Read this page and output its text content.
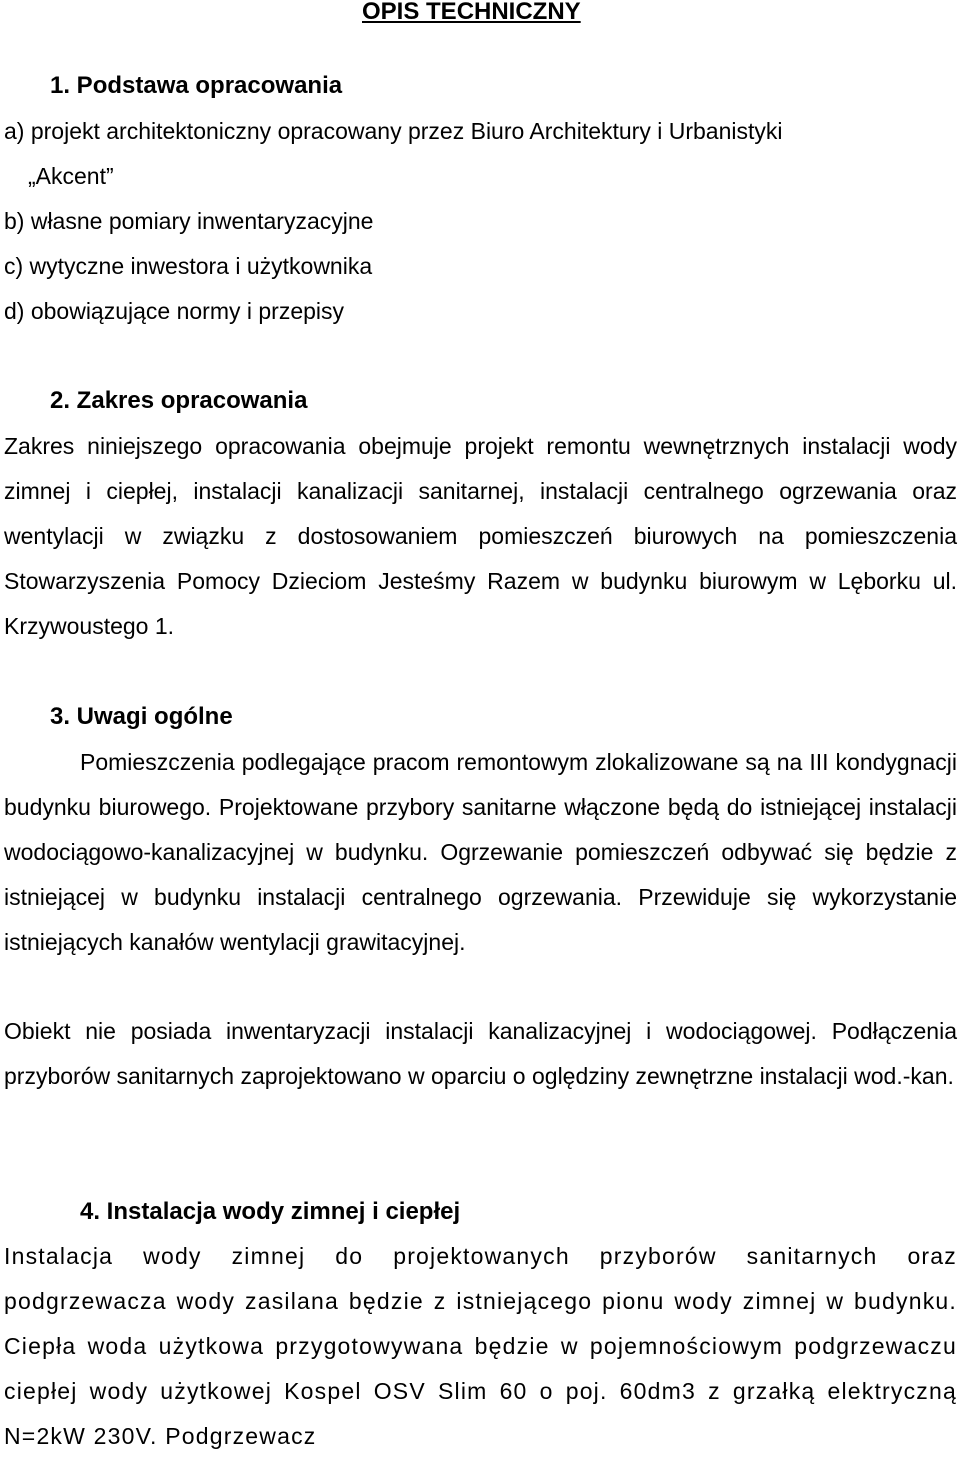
OPIS TECHNICZNY
1. Podstawa opracowania
a) projekt architektoniczny opracowany przez Biuro Architektury i Urbanistyki
„Akcent”
b) własne pomiary inwentaryzacyjne
c) wytyczne inwestora i użytkownika
d) obowiązujące normy i przepisy
2. Zakres opracowania

Zakres niniejszego opracowania obejmuje projekt remontu wewnętrznych instalacji wody zimnej i ciepłej, instalacji kanalizacji sanitarnej, instalacji centralnego ogrzewania oraz wentylacji w związku z dostosowaniem pomieszczeń biurowych na pomieszczenia Stowarzyszenia Pomocy Dzieciom Jesteśmy Razem w budynku biurowym w Lęborku ul. Krzywoustego 1.

3. Uwagi ogólne

Pomieszczenia podlegające pracom remontowym zlokalizowane są na III kondygnacji budynku biurowego. Projektowane przybory sanitarne włączone będą do istniejącej instalacji wodociągowo-kanalizacyjnej w budynku. Ogrzewanie pomieszczeń odbywać się będzie z istniejącej w budynku instalacji centralnego ogrzewania. Przewiduje się wykorzystanie istniejących kanałów wentylacji grawitacyjnej.

Obiekt nie posiada inwentaryzacji instalacji kanalizacyjnej i wodociągowej. Podłączenia przyborów sanitarnych zaprojektowano w oparciu o oględziny zewnętrzne instalacji wod.-kan.

4. Instalacja wody zimnej i ciepłej

Instalacja wody zimnej do projektowanych przyborów sanitarnych oraz podgrzewacza wody zasilana będzie z istniejącego pionu wody zimnej w budynku. Ciepła woda użytkowa przygotowywana będzie w pojemnościowym podgrzewaczu ciepłej wody użytkowej Kospel OSV Slim 60 o poj. 60dm3 z grzałką elektryczną N=2kW 230V. Podgrzewacz
